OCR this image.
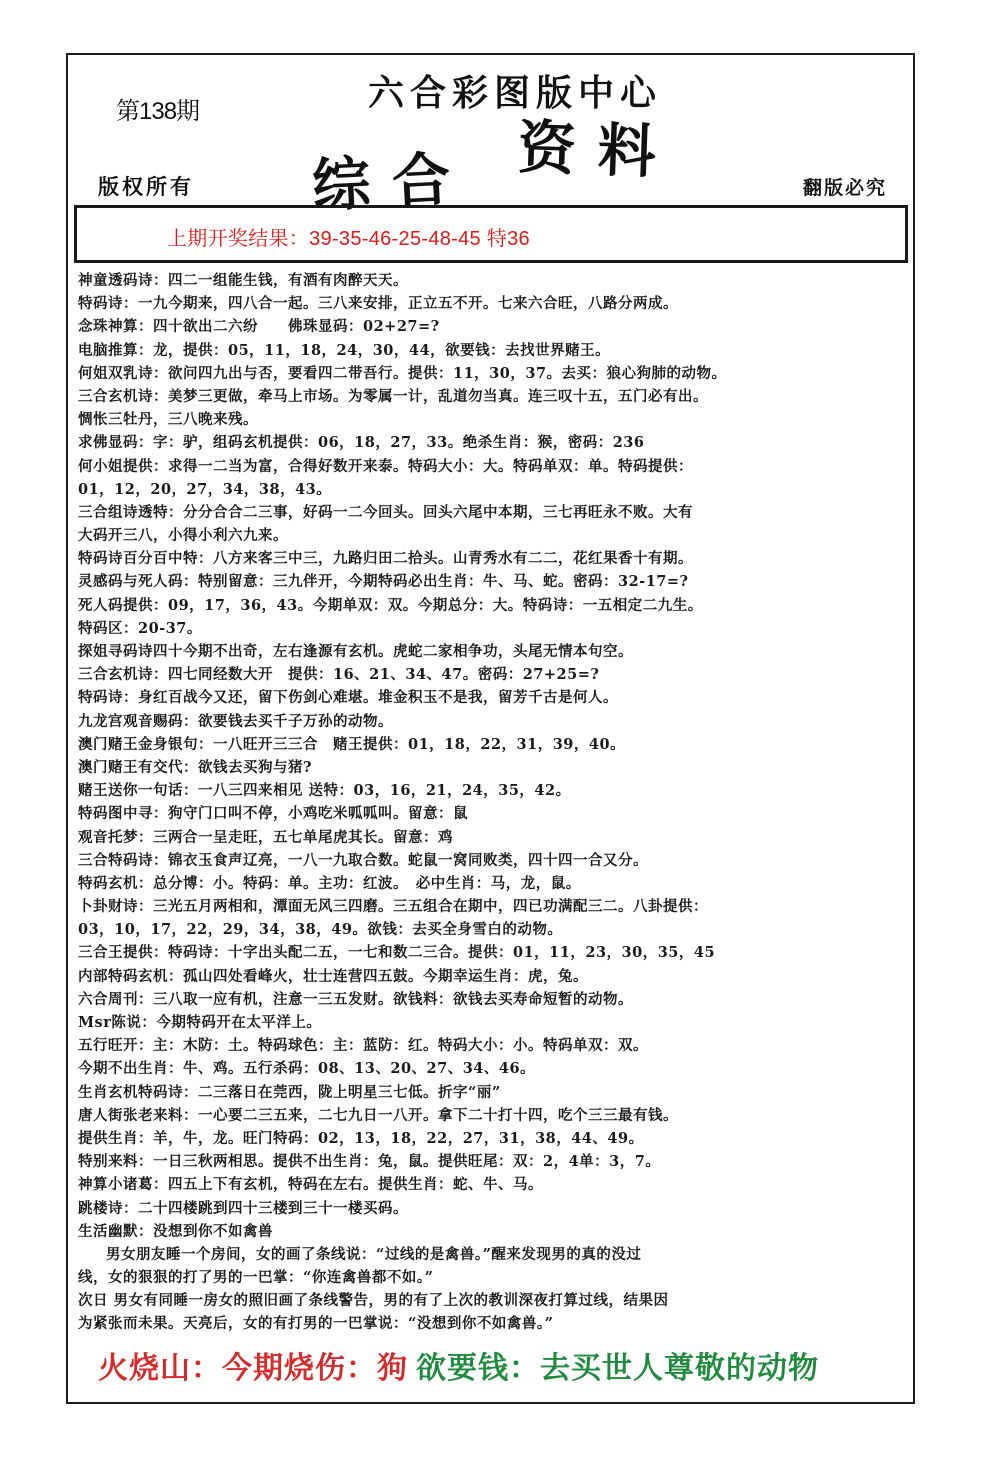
六合彩图版中心
第138期
资料
综合
版权所有	翻版必究
上期开奖结果：39-35-46-25-48-45 特36
神童透码诗：四二一组能生钱，有酒有肉醉天天。
特码诗：一九今期来，四八合一起。三八来安排，正立五不开。七来六合旺，八路分两成。
念珠神算：四十欲出二六纷　　佛珠显码：02+27=?
电脑推算：龙，提供：05，11，18，24，30，44，欲要钱：去找世界赌王。
何姐双乳诗：欲问四九出与否，要看四二带吾行。提供：11，30，37。去买：狼心狗肺的动物。
三合玄机诗：美梦三更做，牵马上市场。为零属一计，乱道勿当真。连三叹十五，五门必有出。
惆怅三牡丹，三八晚来残。
求佛显码：字：驴，组码玄机提供：06，18，27，33。绝杀生肖：猴，密码：236
何小姐提供：求得一二当为富，合得好数开来泰。特码大小：大。特码单双：单。特码提供：
01，12，20，27，34，38，43。
三合组诗透特：分分合合二三事，好码一二今回头。回头六尾中本期，三七再旺永不败。大有
大码开三八，小得小利六九来。
特码诗百分百中特：八方来客三中三，九路归田二拾头。山青秀水有二二，花红果香十有期。
灵感码与死人码：特别留意：三九伴开，今期特码必出生肖：牛、马、蛇。密码：32-17=?
死人码提供：09，17，36，43。今期单双：双。今期总分：大。特码诗：一五相定二九生。
特码区：20-37。
探姐寻码诗四十今期不出奇，左右逢源有玄机。虎蛇二家相争功，头尾无情本句空。
三合玄机诗：四七同经数大开　提供：16、21、34、47。密码：27+25=?
特码诗：身红百战今又还，留下伤剑心难堪。堆金积玉不是我，留芳千古是何人。
九龙宫观音赐码：欲要钱去买千子万孙的动物。
澳门赌王金身银句：一八旺开三三合　赌王提供：01，18，22，31，39，40。
澳门赌王有交代：欲钱去买狗与猪?
赌王送你一句话：一八三四来相见 送特：03，16，21，24，35，42。
特码图中寻：狗守门口叫不停，小鸡吃米呱呱叫。留意：鼠
观音托梦：三两合一呈走旺，五七单尾虎其长。留意：鸡
三合特码诗：锦衣玉食声辽亮，一八一九取合数。蛇鼠一窝同败类，四十四一合又分。
特码玄机：总分博：小。特码：单。主功：红波。　必中生肖：马，龙，鼠。
卜卦财诗：三光五月两相和，潭面无风三四磨。三五组合在期中，四已功满配三二。八卦提供：
03，10，17，22，29，34，38，49。欲钱：去买全身雪白的动物。
三合王提供：特码诗：十字出头配二五，一七和数二三合。提供：01，11，23，30，35，45
内部特码玄机：孤山四处看峰火，壮士连营四五鼓。今期幸运生肖：虎，兔。
六合周刊：三八取一应有机，注意一三五发财。欲钱料：欲钱去买寿命短暂的动物。
Msr陈说：今期特码开在太平洋上。
五行旺开：主：木防：土。特码球色：主：蓝防：红。特码大小：小。特码单双：双。
今期不出生肖：牛、鸡。五行杀码：08、13、20、27、34、46。
生肖玄机特码诗：二三落日在莞西，陇上明星三七低。折字“丽”
唐人街张老来料：一心要二三五来，二七九日一八开。拿下二十打十四，吃个三三最有钱。
提供生肖：羊，牛，龙。旺门特码：02，13，18，22，27，31，38，44、49。
特别来料：一日三秋两相思。提供不出生肖：兔，鼠。提供旺尾：双：2，4单：3，7。
神算小诸葛：四五上下有玄机，特码在左右。提供生肖：蛇、牛、马。
跳楼诗：二十四楼跳到四十三楼到三十一楼买码。
生活幽默：没想到你不如禽兽
男女朋友睡一个房间，女的画了条线说：“过线的是禽兽。”醒来发现男的真的没过
线，女的狠狠的打了男的一巴掌：“你连禽兽都不如。”
次日 男女有同睡一房女的照旧画了条线警告，男的有了上次的教训深夜打算过线，结果因
为紧张而未果。天亮后，女的有打男的一巴掌说：“没想到你不如禽兽。”
火烧山：今期烧伤：狗 欲要钱：去买世人尊敬的动物
